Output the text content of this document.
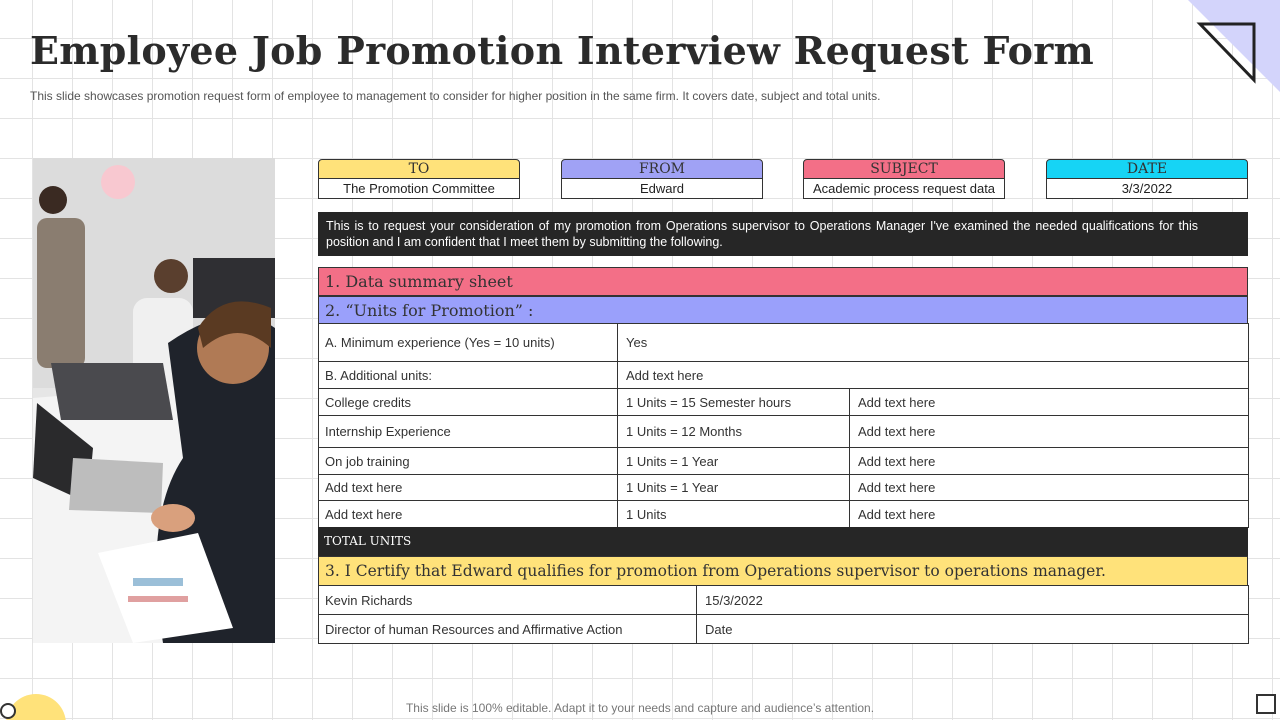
Employee Job Promotion Interview Request Form

This slide showcases promotion request form of employee to management to consider for higher position in the same firm. It covers date, subject and total units.

TO
The Promotion Committee
FROM
Edward
SUBJECT
Academic process request data
DATE
3/3/2022
This is to request your consideration of my promotion from Operations supervisor to Operations Manager I've examined the needed qualifications for this position and I am confident that I meet them by submitting the following.
1. Data summary sheet
2. “Units for Promotion” :
A. Minimum experience (Yes = 10 units)	Yes
B. Additional units:	Add text here
College credits	1 Units = 15 Semester hours	Add text here
Internship Experience	1 Units = 12 Months	Add text here
On job training	1 Units = 1 Year	Add text here
Add text here	1 Units = 1 Year	Add text here
Add text here	1 Units	Add text here
TOTAL UNITS
3. I Certify that Edward qualifies for promotion from Operations supervisor to operations manager.
Kevin Richards	15/3/2022
Director of human Resources and Affirmative Action	Date

This slide is 100% editable. Adapt it to your needs and capture and audience’s attention.
